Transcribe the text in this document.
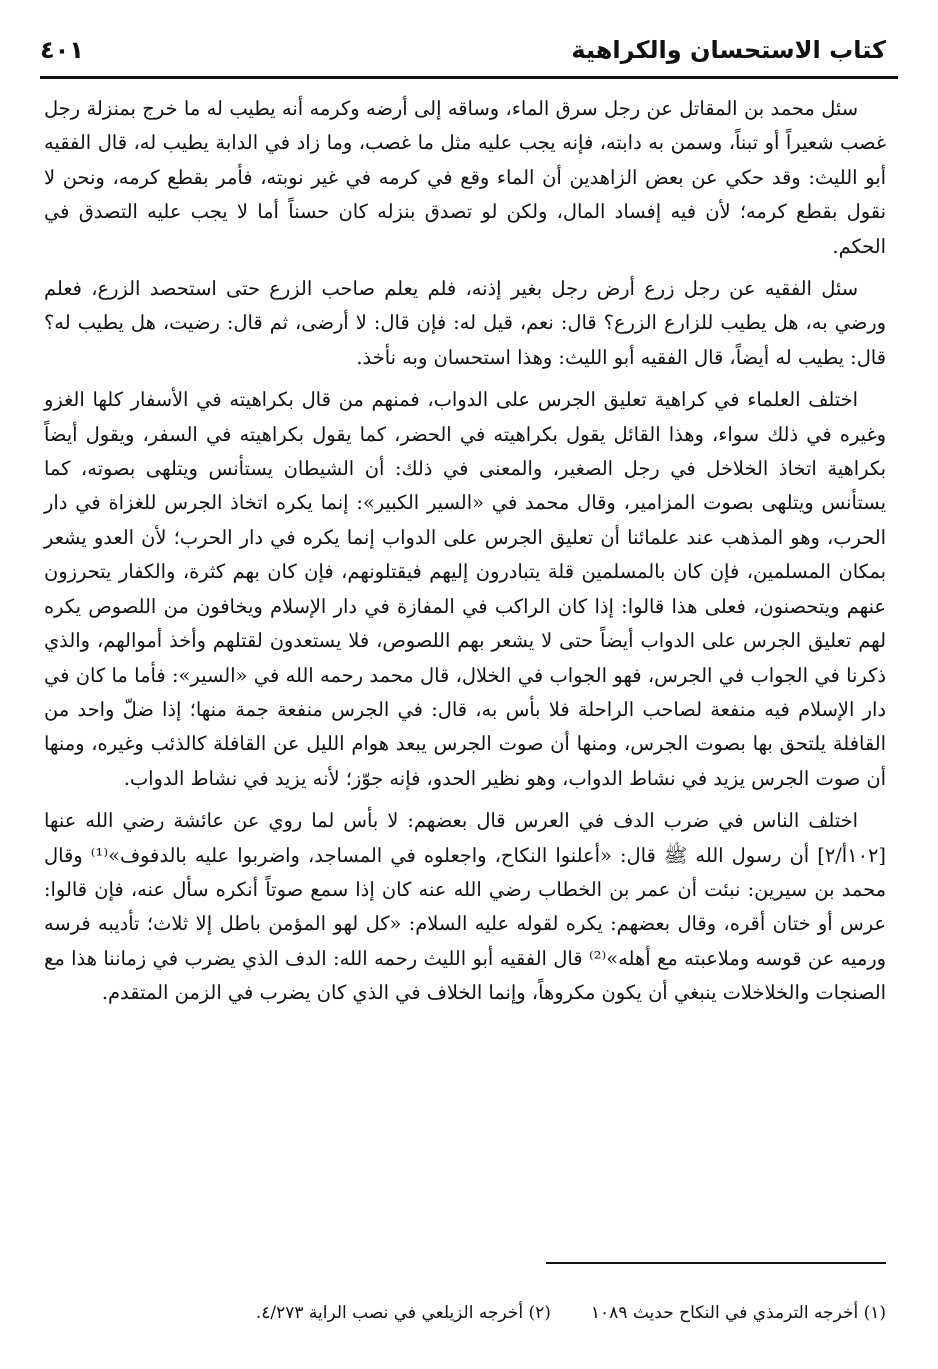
كتاب الاستحسان والكراهية
٤٠١

سئل محمد بن المقاتل عن رجل سرق الماء، وساقه إلى أرضه وكرمه أنه يطيب له ما خرج بمنزلة رجل غصب شعيراً أو تبناً، وسمن به دابته، فإنه يجب عليه مثل ما غصب، وما زاد في الدابة يطيب له، قال الفقيه أبو الليث: وقد حكي عن بعض الزاهدين أن الماء وقع في كرمه في غير نوبته، فأمر بقطع كرمه، ونحن لا نقول بقطع كرمه؛ لأن فيه إفساد المال، ولكن لو تصدق بنزله كان حسناً أما لا يجب عليه التصدق في الحكم.

سئل الفقيه عن رجل زرع أرض رجل بغير إذنه، فلم يعلم صاحب الزرع حتى استحصد الزرع، فعلم ورضي به، هل يطيب للزارع الزرع؟ قال: نعم، قيل له: فإن قال: لا أرضى، ثم قال: رضيت، هل يطيب له؟ قال: يطيب له أيضاً، قال الفقيه أبو الليث: وهذا استحسان وبه نأخذ.

اختلف العلماء في كراهية تعليق الجرس على الدواب، فمنهم من قال بكراهيته في الأسفار كلها الغزو وغيره في ذلك سواء، وهذا القائل يقول بكراهيته في الحضر، كما يقول بكراهيته في السفر، ويقول أيضاً بكراهية اتخاذ الخلاخل في رجل الصغير، والمعنى في ذلك: أن الشيطان يستأنس ويتلهى بصوته، كما يستأنس ويتلهى بصوت المزامير، وقال محمد في «السير الكبير»: إنما يكره اتخاذ الجرس للغزاة في دار الحرب، وهو المذهب عند علمائنا أن تعليق الجرس على الدواب إنما يكره في دار الحرب؛ لأن العدو يشعر بمكان المسلمين، فإن كان بالمسلمين قلة يتبادرون إليهم فيقتلونهم، فإن كان بهم كثرة، والكفار يتحرزون عنهم ويتحصنون، فعلى هذا قالوا: إذا كان الراكب في المفازة في دار الإسلام ويخافون من اللصوص يكره لهم تعليق الجرس على الدواب أيضاً حتى لا يشعر بهم اللصوص، فلا يستعدون لقتلهم وأخذ أموالهم، والذي ذكرنا في الجواب في الجرس، فهو الجواب في الخلال، قال محمد رحمه الله في «السير»: فأما ما كان في دار الإسلام فيه منفعة لصاحب الراحلة فلا بأس به، قال: في الجرس منفعة جمة منها؛ إذا ضلّ واحد من القافلة يلتحق بها بصوت الجرس، ومنها أن صوت الجرس يبعد هوام الليل عن القافلة كالذئب وغيره، ومنها أن صوت الجرس يزيد في نشاط الدواب، وهو نظير الحدو، فإنه جوّز؛ لأنه يزيد في نشاط الدواب.

اختلف الناس في ضرب الدف في العرس قال بعضهم: لا بأس لما روي عن عائشة رضي الله عنها [١٠٢أ/٢] أن رسول الله ﷺ قال: «أعلنوا النكاح، واجعلوه في المساجد، واضربوا عليه بالدفوف»⁽¹⁾ وقال محمد بن سيرين: نبئت أن عمر بن الخطاب رضي الله عنه كان إذا سمع صوتاً أنكره سأل عنه، فإن قالوا: عرس أو ختان أقره، وقال بعضهم: يكره لقوله عليه السلام: «كل لهو المؤمن باطل إلا ثلاث؛ تأديبه فرسه ورميه عن قوسه وملاعبته مع أهله»⁽²⁾ قال الفقيه أبو الليث رحمه الله: الدف الذي يضرب في زماننا هذا مع الصنجات والخلاخلات ينبغي أن يكون مكروهاً، وإنما الخلاف في الذي كان يضرب في الزمن المتقدم.

(١) أخرجه الترمذي في النكاح حديث ١٠٨٩
(٢) أخرجه الزيلعي في نصب الراية ٤/٢٧٣.
